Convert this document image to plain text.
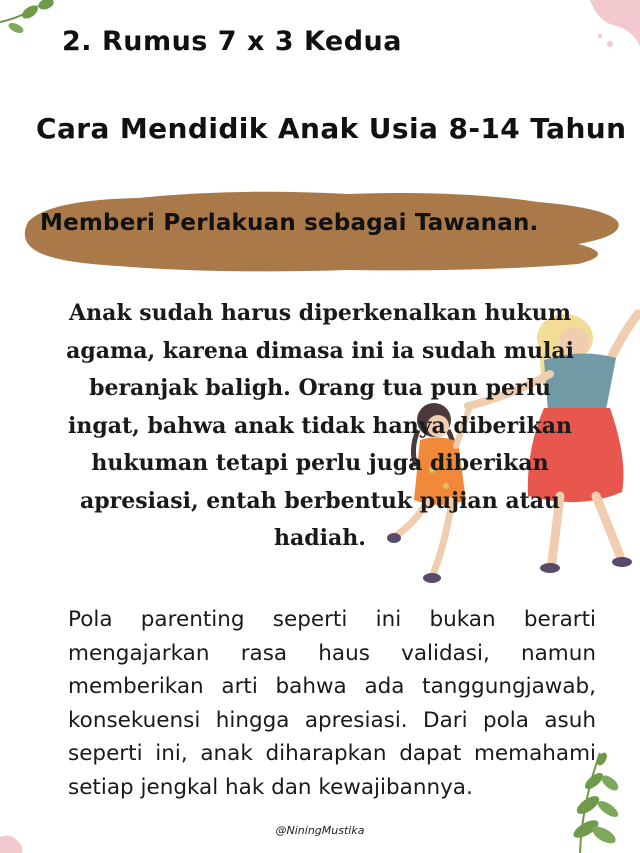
2. Rumus 7 x 3 Kedua
Cara Mendidik Anak Usia 8-14 Tahun
Memberi Perlakuan sebagai Tawanan.
Anak sudah harus diperkenalkan hukum agama, karena dimasa ini ia sudah mulai beranjak baligh. Orang tua pun perlu ingat, bahwa anak tidak hanya diberikan hukuman tetapi perlu juga diberikan apresiasi, entah berbentuk pujian atau hadiah.
Pola parenting seperti ini bukan berarti mengajarkan rasa haus validasi, namun memberikan arti bahwa ada tanggungjawab, konsekuensi hingga apresiasi. Dari pola asuh seperti ini, anak diharapkan dapat memahami setiap jengkal hak dan kewajibannya.
@NiningMustika
